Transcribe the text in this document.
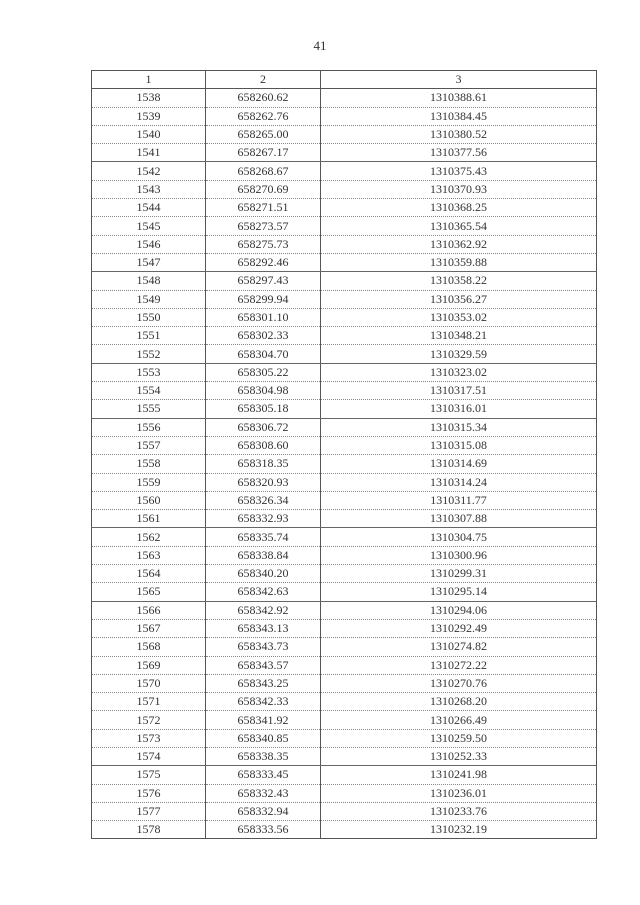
41
1	2	3
1538	658260.62	1310388.61
1539	658262.76	1310384.45
1540	658265.00	1310380.52
1541	658267.17	1310377.56
1542	658268.67	1310375.43
1543	658270.69	1310370.93
1544	658271.51	1310368.25
1545	658273.57	1310365.54
1546	658275.73	1310362.92
1547	658292.46	1310359.88
1548	658297.43	1310358.22
1549	658299.94	1310356.27
1550	658301.10	1310353.02
1551	658302.33	1310348.21
1552	658304.70	1310329.59
1553	658305.22	1310323.02
1554	658304.98	1310317.51
1555	658305.18	1310316.01
1556	658306.72	1310315.34
1557	658308.60	1310315.08
1558	658318.35	1310314.69
1559	658320.93	1310314.24
1560	658326.34	1310311.77
1561	658332.93	1310307.88
1562	658335.74	1310304.75
1563	658338.84	1310300.96
1564	658340.20	1310299.31
1565	658342.63	1310295.14
1566	658342.92	1310294.06
1567	658343.13	1310292.49
1568	658343.73	1310274.82
1569	658343.57	1310272.22
1570	658343.25	1310270.76
1571	658342.33	1310268.20
1572	658341.92	1310266.49
1573	658340.85	1310259.50
1574	658338.35	1310252.33
1575	658333.45	1310241.98
1576	658332.43	1310236.01
1577	658332.94	1310233.76
1578	658333.56	1310232.19
